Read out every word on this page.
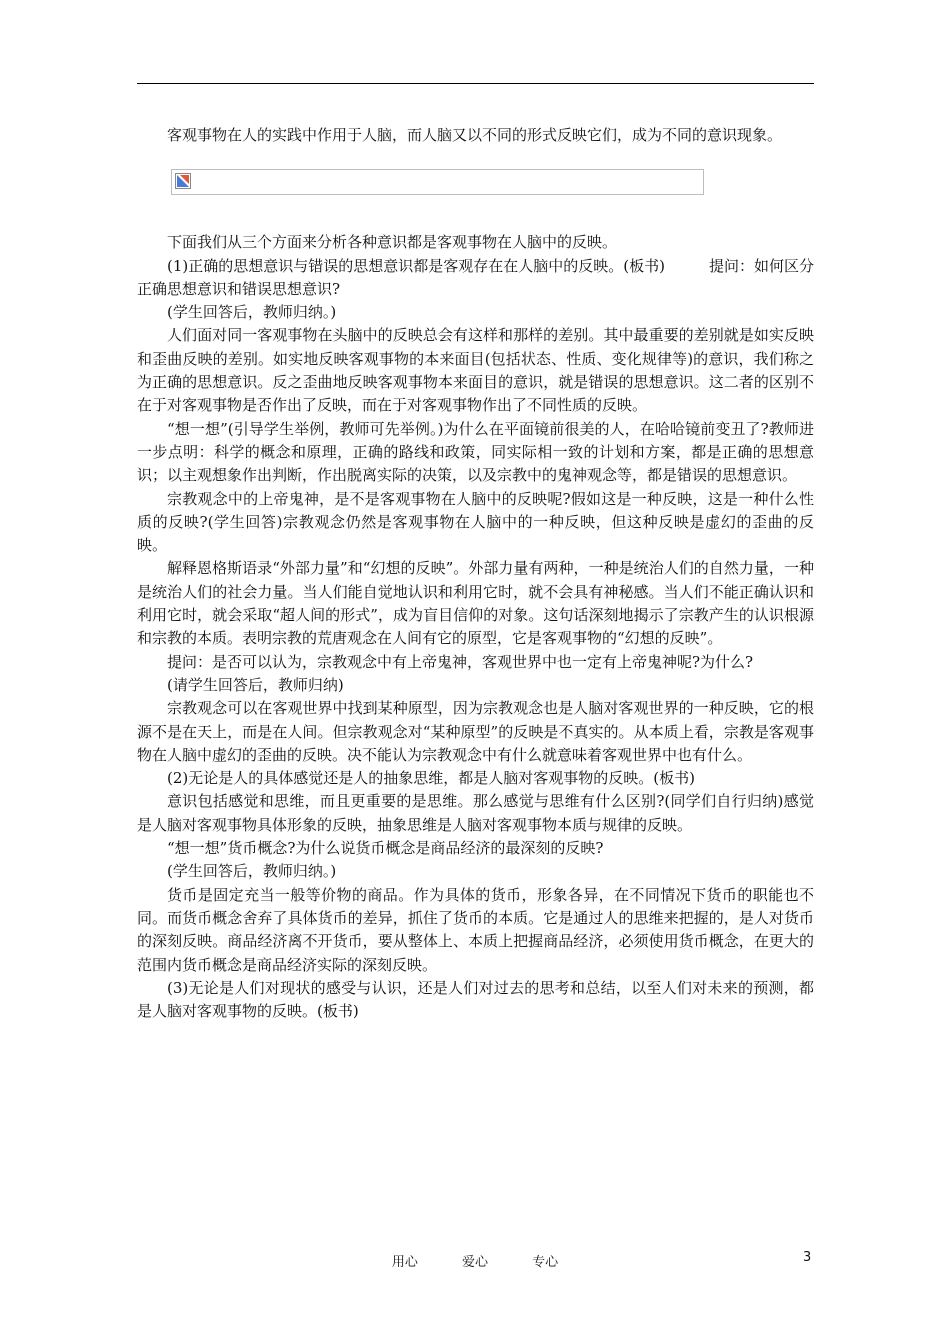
客观事物在人的实践中作用于人脑，而人脑又以不同的形式反映它们，成为不同的意识现象。

下面我们从三个方面来分析各种意识都是客观事物在人脑中的反映。

(1)正确的思想意识与错误的思想意识都是客观存在在人脑中的反映。(板书)	提问：如何区分正确思想意识和错误思想意识?

(学生回答后，教师归纳。)

人们面对同一客观事物在头脑中的反映总会有这样和那样的差别。其中最重要的差别就是如实反映和歪曲反映的差别。如实地反映客观事物的本来面目(包括状态、性质、变化规律等)的意识，我们称之为正确的思想意识。反之歪曲地反映客观事物本来面目的意识，就是错误的思想意识。这二者的区别不在于对客观事物是否作出了反映，而在于对客观事物作出了不同性质的反映。

“想一想”(引导学生举例，教师可先举例。)为什么在平面镜前很美的人，在哈哈镜前变丑了?教师进一步点明：科学的概念和原理，正确的路线和政策，同实际相一致的计划和方案，都是正确的思想意识；以主观想象作出判断，作出脱离实际的决策，以及宗教中的鬼神观念等，都是错误的思想意识。

宗教观念中的上帝鬼神，是不是客观事物在人脑中的反映呢?假如这是一种反映，这是一种什么性质的反映?(学生回答)宗教观念仍然是客观事物在人脑中的一种反映，但这种反映是虚幻的歪曲的反映。

解释恩格斯语录“外部力量”和“幻想的反映”。外部力量有两种，一种是统治人们的自然力量，一种是统治人们的社会力量。当人们能自觉地认识和利用它时，就不会具有神秘感。当人们不能正确认识和利用它时，就会采取“超人间的形式”，成为盲目信仰的对象。这句话深刻地揭示了宗教产生的认识根源和宗教的本质。表明宗教的荒唐观念在人间有它的原型，它是客观事物的“幻想的反映”。

提问：是否可以认为，宗教观念中有上帝鬼神，客观世界中也一定有上帝鬼神呢?为什么?

(请学生回答后，教师归纳)

宗教观念可以在客观世界中找到某种原型，因为宗教观念也是人脑对客观世界的一种反映，它的根源不是在天上，而是在人间。但宗教观念对“某种原型”的反映是不真实的。从本质上看，宗教是客观事物在人脑中虚幻的歪曲的反映。决不能认为宗教观念中有什么就意味着客观世界中也有什么。

(2)无论是人的具体感觉还是人的抽象思维，都是人脑对客观事物的反映。(板书)

意识包括感觉和思维，而且更重要的是思维。那么感觉与思维有什么区别?(同学们自行归纳)感觉是人脑对客观事物具体形象的反映，抽象思维是人脑对客观事物本质与规律的反映。

“想一想”货币概念?为什么说货币概念是商品经济的最深刻的反映?

(学生回答后，教师归纳。)

货币是固定充当一般等价物的商品。作为具体的货币，形象各异，在不同情况下货币的职能也不同。而货币概念舍弃了具体货币的差异，抓住了货币的本质。它是通过人的思维来把握的，是人对货币的深刻反映。商品经济离不开货币，要从整体上、本质上把握商品经济，必须使用货币概念，在更大的范围内货币概念是商品经济实际的深刻反映。

(3)无论是人们对现状的感受与认识，还是人们对过去的思考和总结，以至人们对未来的预测，都是人脑对客观事物的反映。(板书)

用心	爱心	专心	3
